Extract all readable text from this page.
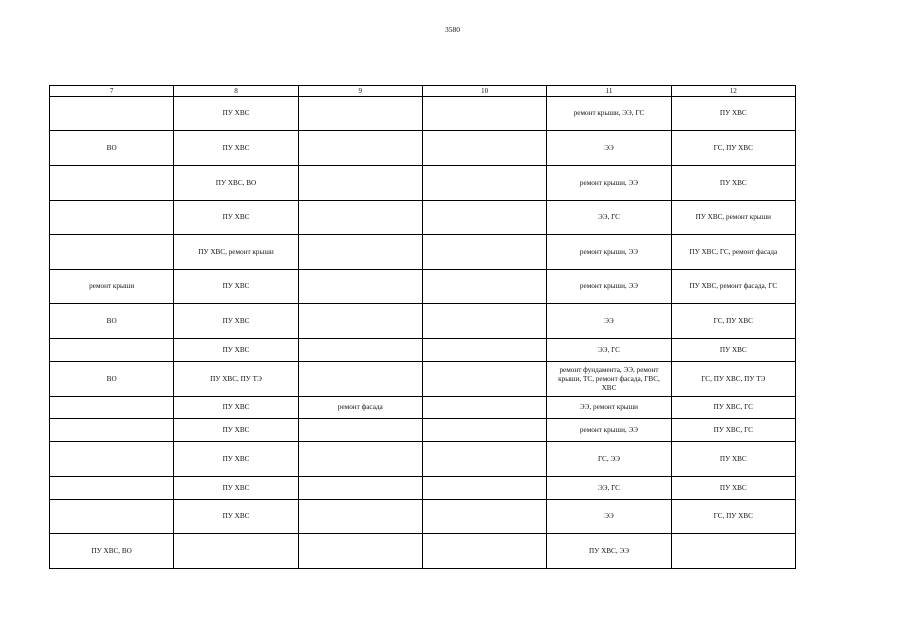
3580
7	8	9	10	11	12
	ПУ ХВС			ремонт крыши, ЭЭ, ГС	ПУ ХВС
ВО	ПУ ХВС			ЭЭ	ГС, ПУ ХВС
	ПУ ХВС, ВО			ремонт крыши, ЭЭ	ПУ ХВС
	ПУ ХВС			ЭЭ, ГС	ПУ ХВС, ремонт крыши
	ПУ ХВС, ремонт крыши			ремонт крыши, ЭЭ	ПУ ХВС, ГС, ремонт фасада
ремонт крыши	ПУ ХВС			ремонт крыши, ЭЭ	ПУ ХВС, ремонт фасада, ГС
ВО	ПУ ХВС			ЭЭ	ГС, ПУ ХВС
	ПУ ХВС			ЭЭ, ГС	ПУ ХВС
ВО	ПУ ХВС, ПУ ТЭ			ремонт фундамента, ЭЭ, ремонт крыши, ТС, ремонт фасада, ГВС, ХВС	ГС, ПУ ХВС, ПУ ТЭ
	ПУ ХВС	ремонт фасада		ЭЭ, ремонт крыши	ПУ ХВС, ГС
	ПУ ХВС			ремонт крыши, ЭЭ	ПУ ХВС, ГС
	ПУ ХВС			ГС, ЭЭ	ПУ ХВС
	ПУ ХВС			ЭЭ, ГС	ПУ ХВС
	ПУ ХВС			ЭЭ	ГС, ПУ ХВС
ПУ ХВС, ВО				ПУ ХВС, ЭЭ	
